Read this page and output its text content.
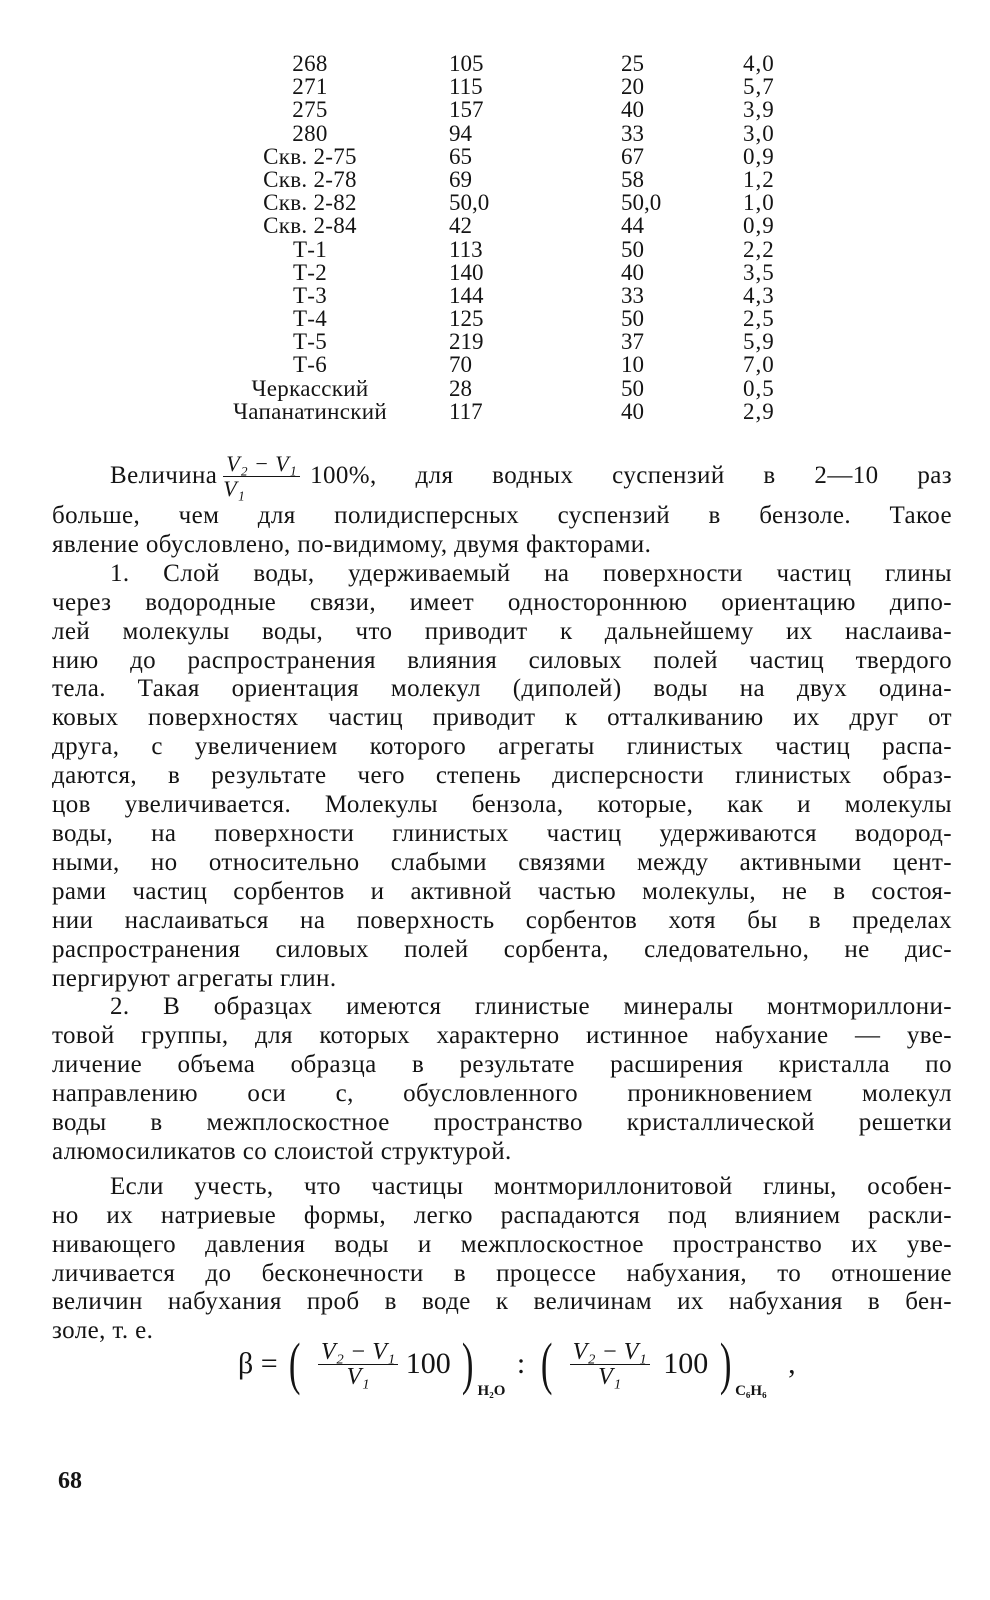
268	105	25	4,0
271	115	20	5,7
275	157	40	3,9
280	94	33	3,0
Скв. 2-75	65	67	0,9
Скв. 2-78	69	58	1,2
Скв. 2-82	50,0	50,0	1,0
Скв. 2-84	42	44	0,9
Т-1	113	50	2,2
Т-2	140	40	3,5
Т-3	144	33	4,3
Т-4	125	50	2,5
Т-5	219	37	5,9
Т-6	70	10	7,0
Черкасский	28	50	0,5
Чапанатинский	117	40	2,9
Величина $\frac{\text{V₂ − V₁}}{\text{V₁}} 100\%$, для водных суспензий в 2—10 раз
больше, чем для полидисперсных суспензий в бензоле. Такое
явление обусловлено, по-видимому, двумя факторами.
1. Слой воды, удерживаемый на поверхности частиц глины
через водородные связи, имеет одностороннюю ориентацию дипо-
лей молекулы воды, что приводит к дальнейшему их наслаива-
нию до распространения влияния силовых полей частиц твердого
тела. Такая ориентация молекул (диполей) воды на двух одина-
ковых поверхностях частиц приводит к отталкиванию их друг от
друга, с увеличением которого агрегаты глинистых частиц распа-
даются, в результате чего степень дисперсности глинистых образ-
цов увеличивается. Молекулы бензола, которые, как и молекулы
воды, на поверхности глинистых частиц удерживаются водород-
ными, но относительно слабыми связями между активными цент-
рами частиц сорбентов и активной частью молекулы, не в состоя-
нии наслаиваться на поверхность сорбентов хотя бы в пределах
распространения силовых полей сорбента, следовательно, не дис-
пергируют агрегаты глин.
2. В образцах имеются глинистые минералы монтмориллони-
товой группы, для которых характерно истинное набухание — уве-
личение объема образца в результате расширения кристалла по
направлению оси c, обусловленного проникновением молекул
воды в межплоскостное пространство кристаллической решетки
алюмосиликатов со слоистой структурой.
Если учесть, что частицы монтмориллонитовой глины, особен-
но их натриевые формы, легко распадаются под влиянием раскли-
нивающего давления воды и межплоскостное пространство их уве-
личивается до бесконечности в процессе набухания, то отношение
величин набухания проб в воде к величинам их набухания в бен-
золе, т. е.
β = ( $\frac{\text{V₂ − V₁}}{\text{V₁}} 100$ ) $_{H_2O}$ : ( $\frac{\text{V₂ − V₁}}{\text{V₁}} 100$ ) $_{C_6H_6}$ ,
68
